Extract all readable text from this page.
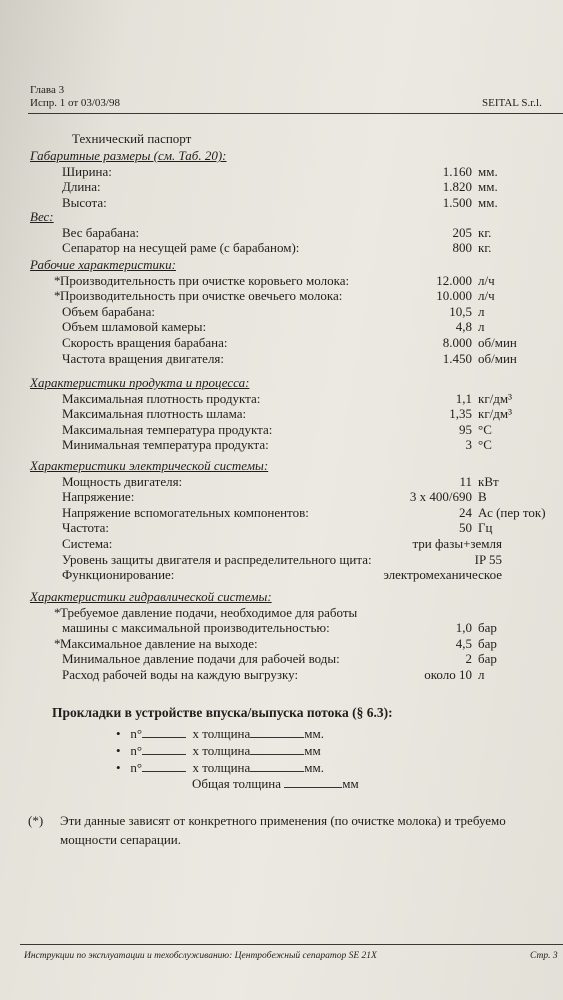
Глава 3
Испр. 1 от 03/03/98	SEITAL S.r.l.
Технический паспорт
Габаритные размеры (см. Таб. 20):
Ширина:	1.160 мм.
Длина:	1.820 мм.
Высота:	1.500 мм.
Вес:
Вес барабана:	205 кг.
Сепаратор на несущей раме (с барабаном):	800 кг.
Рабочие характеристики:
* Производительность при очистке коровьего молока:	12.000 л/ч
* Производительность при очистке овечьего молока:	10.000 л/ч
Объем барабана:	10,5 л
Объем шламовой камеры:	4,8 л
Скорость вращения барабана:	8.000 об/мин
Частота вращения двигателя:	1.450 об/мин
Характеристики продукта и процесса:
Максимальная плотность продукта:	1,1 кг/дм³
Максимальная плотность шлама:	1,35 кг/дм³
Максимальная температура продукта:	95 °C
Минимальная температура продукта:	3 °C
Характеристики электрической системы:
Мощность двигателя:	11 кВт
Напряжение:	3 x 400/690 В
Напряжение вспомогательных компонентов:	24 Ас (пер ток)
Частота:	50 Гц
Система:	три фазы+земля
Уровень защиты двигателя и распределительного щита:	IP 55
Функционирование:	электромеханическое
Характеристики гидравлической системы:
* Требуемое давление подачи, необходимое для работы
машины с максимальной производительностью:	1,0 бар
* Максимальное давление на выходе:	4,5 бар
Минимальное давление подачи для рабочей воды:	2 бар
Расход рабочей воды на каждую выгрузку:	около 10 л
Прокладки в устройстве впуска/выпуска потока (§ 6.3):
• n°	х толщина	мм.
• n°	х толщина	мм
• n°	х толщина	мм.
Общая толщина	мм
(*) Эти данные зависят от конкретного применения (по очистке молока) и требуемо
мощности сепарации.
Инструкции по эксплуатации и техобслуживанию: Центробежный сепаратор SE 21X	Стр. 3
